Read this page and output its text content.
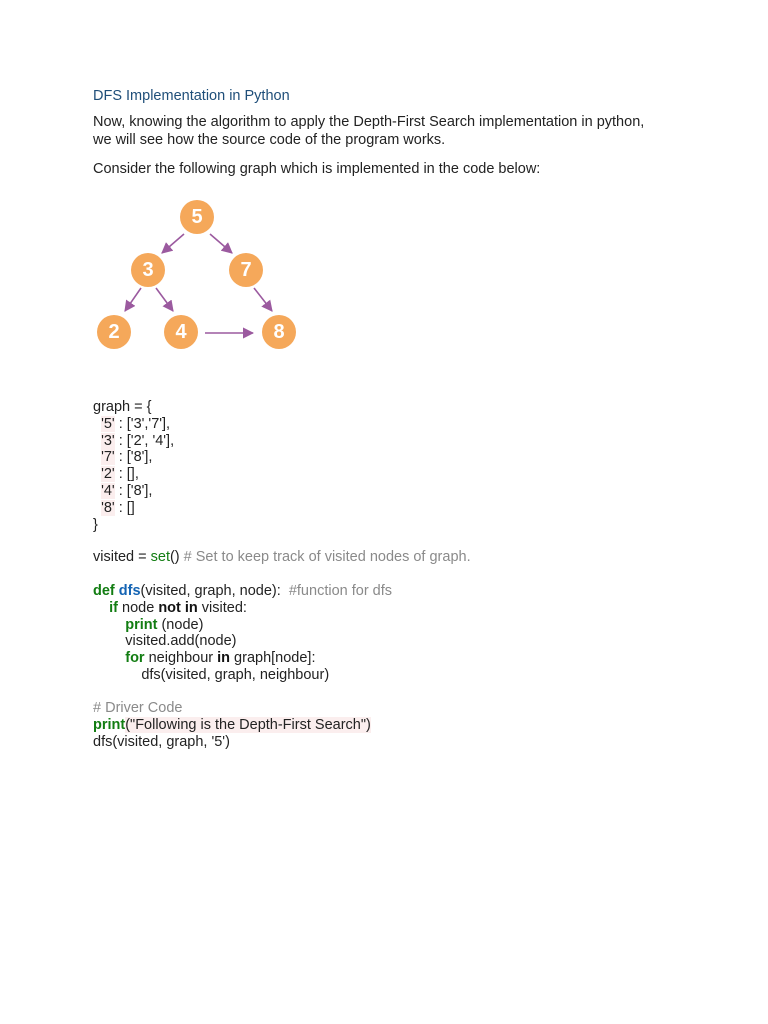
DFS Implementation in Python
Now, knowing the algorithm to apply the Depth-First Search implementation in python, we will see how the source code of the program works.
Consider the following graph which is implemented in the code below:
5
3	7
2	4	8
graph = {
'5' : ['3','7'],
'3' : ['2', '4'],
'7' : ['8'],
'2' : [],
'4' : ['8'],
'8' : []
}
visited = set() # Set to keep track of visited nodes of graph.
def dfs(visited, graph, node):  #function for dfs
if node not in visited:
print (node)
visited.add(node)
for neighbour in graph[node]:
dfs(visited, graph, neighbour)
# Driver Code
print("Following is the Depth-First Search")
dfs(visited, graph, '5')
